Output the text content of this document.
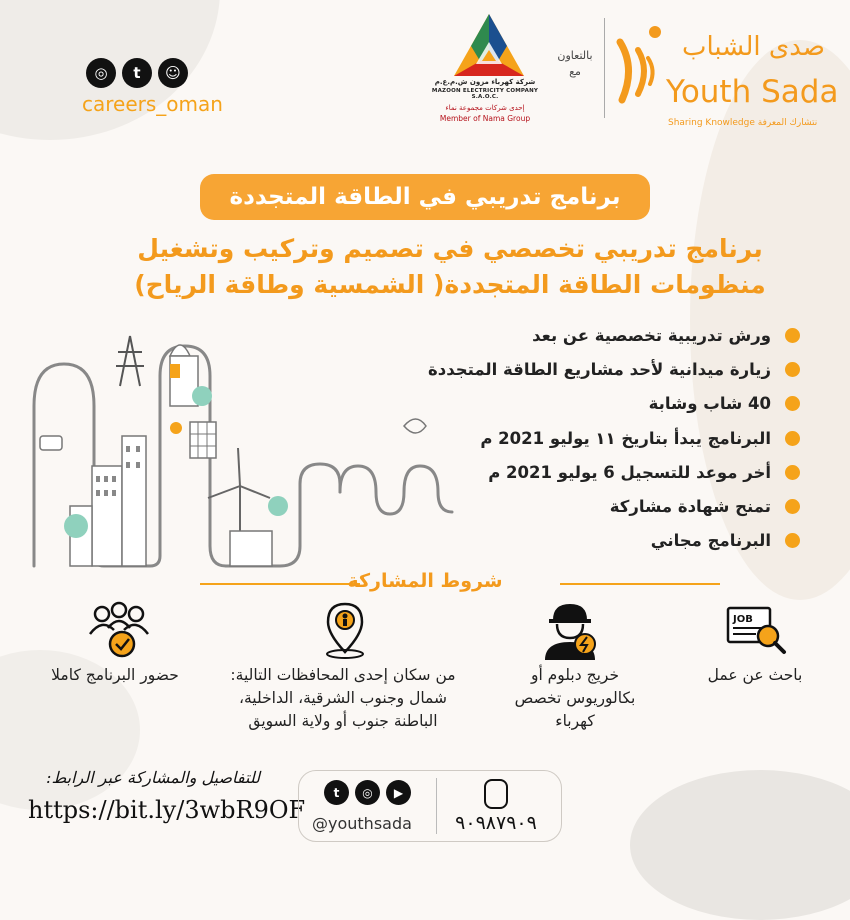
◎	t	☺
careers_oman
شركة كهرباء مزون ش.م.ع.م
MAZOON ELECTRICITY COMPANY S.A.O.C.
إحدى شركات مجموعة نماء
Member of Nama Group
بالتعاون مع
صدى الشباب
Youth Sada
Sharing Knowledge نتشارك المعرفة
برنامج تدريبي في الطاقة المتجددة
برنامج تدريبي تخصصي في تصميم وتركيب وتشغيل
منظومات الطاقة المتجددة( الشمسية وطاقة الرياح)
ورش تدريبية تخصصية عن بعد
زيارة ميدانية لأحد مشاريع الطاقة المتجددة
40 شاب وشابة
البرنامج يبدأ بتاريخ ١١ يوليو 2021 م
أخر موعد للتسجيل 6 يوليو 2021 م
تمنح شهادة مشاركة
البرنامج مجاني
شروط المشاركة
JOB
حضور البرنامج كاملا	من سكان إحدى المحافظات التالية:
شمال وجنوب الشرقية، الداخلية،
الباطنة جنوب أو ولاية السويق
خريج دبلوم أو
بكالوريوس تخصص
كهرباء
باحث عن عمل
للتفاصيل والمشاركة عبر الرابط:
https://bit.ly/3wbR9OF
t	◎	▶
@youthsada	٩٠٩٨٧٩٠٩
